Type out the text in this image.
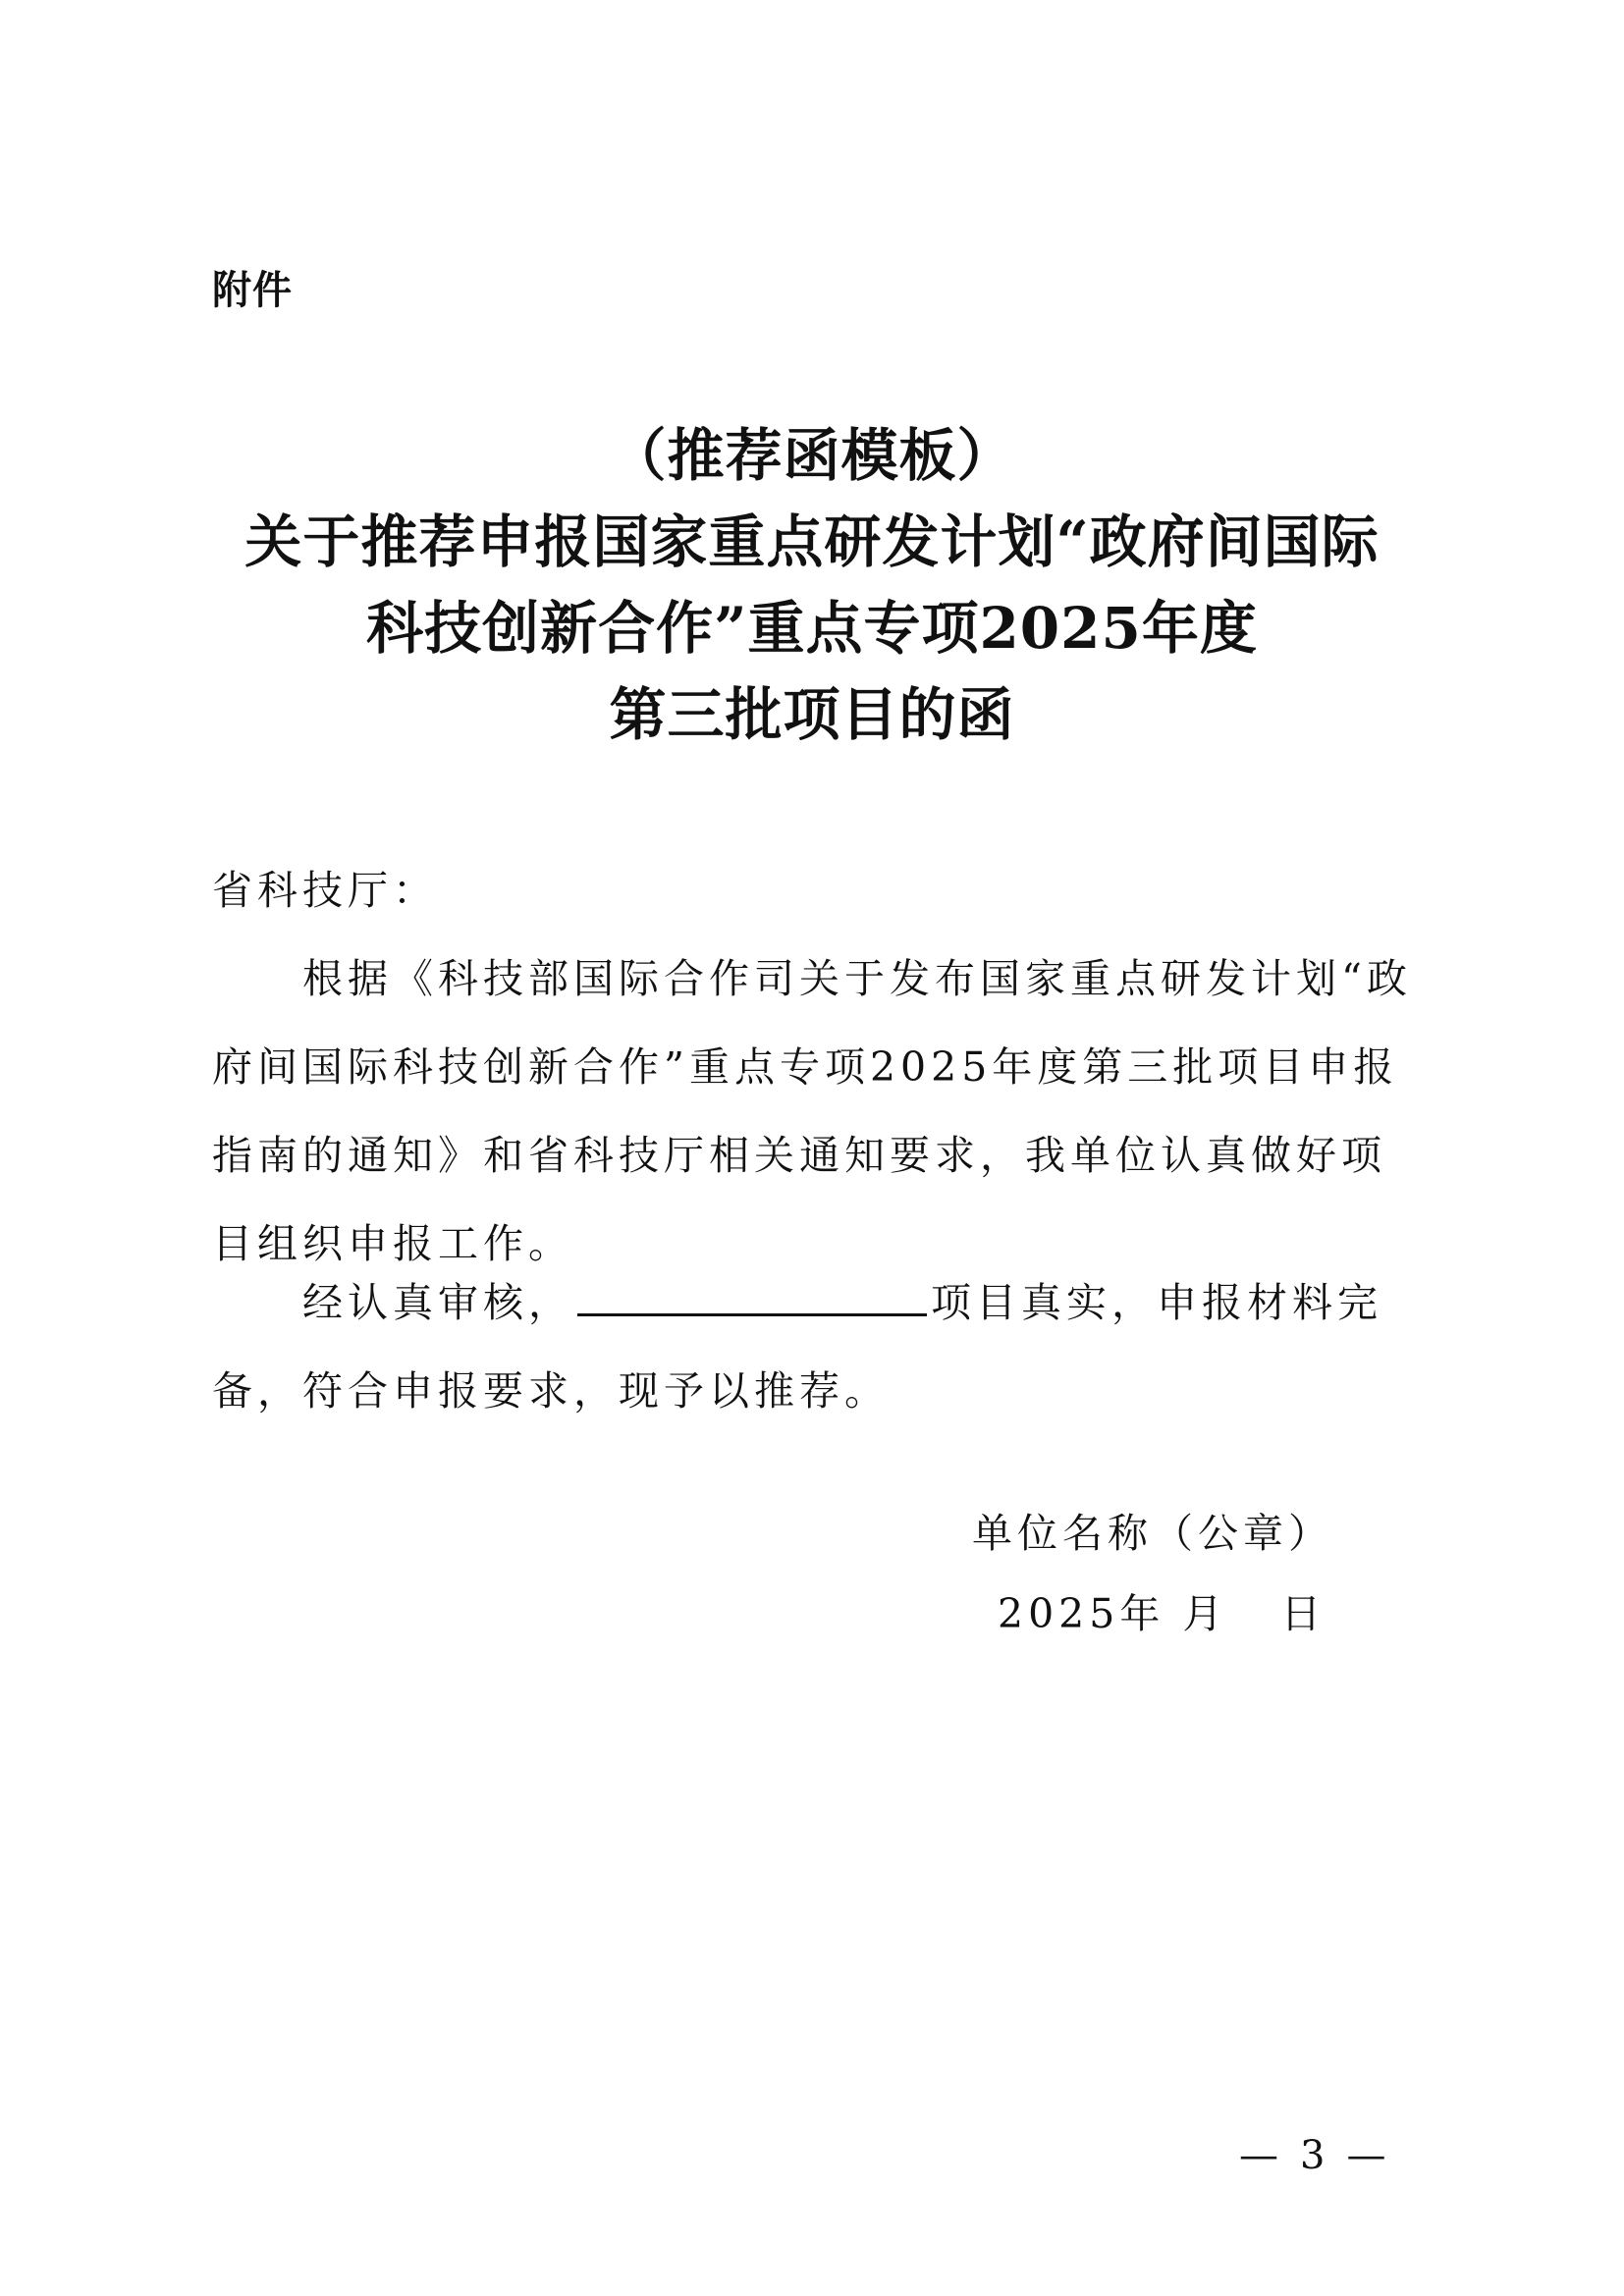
附件
（推荐函模板）
关于推荐申报国家重点研发计划“政府间国际
科技创新合作”重点专项2025年度
第三批项目的函
省科技厅：
根据《科技部国际合作司关于发布国家重点研发计划“政府间国际科技创新合作”重点专项2025年度第三批项目申报指南的通知》和省科技厅相关通知要求，我单位认真做好项目组织申报工作。
经认真审核，	项目真实，申报材料完备，符合申报要求，现予以推荐。
单位名称（公章）
2025年 月 日
— 3 —
